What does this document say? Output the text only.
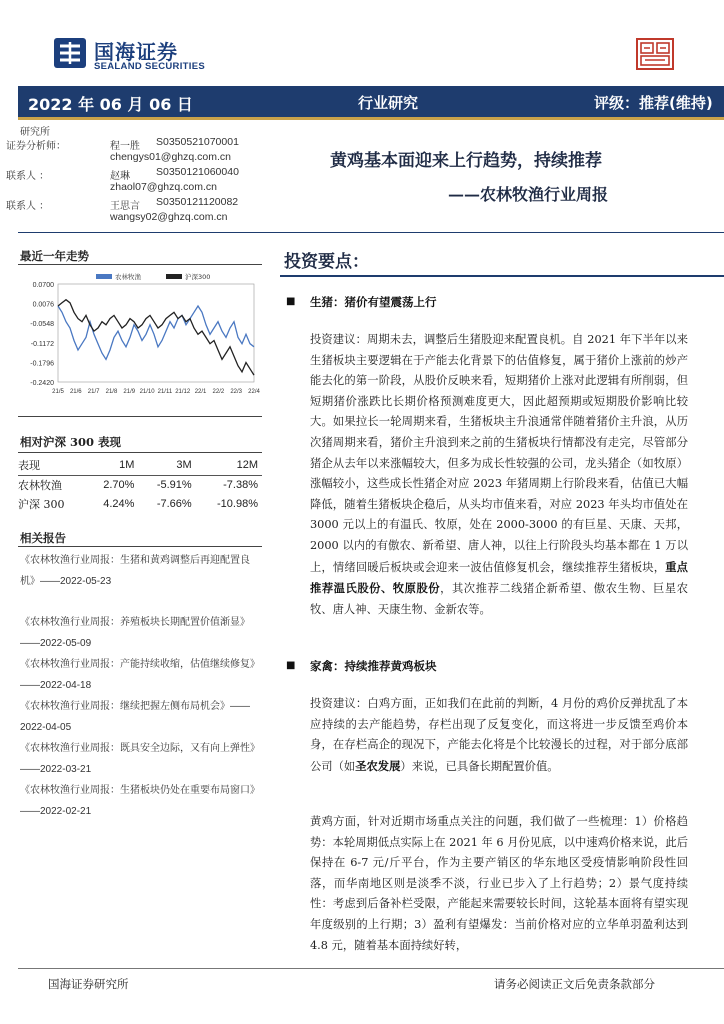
国海证券
SEALAND SECURITIES
2022 年 06 月 06 日	行业研究	评级：推荐(维持)
研究所
证券分析师：	程一胜 S0350521070001
chengys01@ghzq.com.cn
联系人 ：	赵琳 S0350121060040
zhaol07@ghzq.com.cn
联系人 ：	王思言 S0350121120082
wangsy02@ghzq.com.cn
黄鸡基本面迎来上行趋势，持续推荐
——农林牧渔行业周报
最近一年走势
0.0700
0.0076
-0.0548
-0.1172
-0.1796
-0.2420
21/5 21/6 21/7 21/8 21/9 21/10 21/11 21/12 22/1 22/2 22/3 22/4
农林牧渔	沪深300
相对沪深 300 表现
表现	1M	3M	12M
农林牧渔	2.70%	-5.91%	-7.38%
沪深 300	4.24%	-7.66%	-10.98%
相关报告
《农林牧渔行业周报：生猪和黄鸡调整后再迎配置良机》——2022-05-23
《农林牧渔行业周报：养殖板块长期配置价值渐显》——2022-05-09
《农林牧渔行业周报：产能持续收缩，估值继续修复》——2022-04-18
《农林牧渔行业周报：继续把握左侧布局机会》——2022-04-05
《农林牧渔行业周报：既具安全边际，又有向上弹性》——2022-03-21
《农林牧渔行业周报：生猪板块仍处在重要布局窗口》——2022-02-21
投资要点：
■ 生猪：猪价有望震荡上行
投资建议：周期未去，调整后生猪股迎来配置良机。自 2021 年下半年以来生猪板块主要逻辑在于产能去化背景下的估值修复，属于猪价上涨前的炒产能去化的第一阶段，从股价反映来看，短期猪价上涨对此逻辑有所削弱，但短期猪价涨跌比长期价格预测难度更大，因此超预期或短期股价影响比较大。如果拉长一轮周期来看，生猪板块主升浪通常伴随着猪价主升浪，从历次猪周期来看，猪价主升浪到来之前的生猪板块行情都没有走完，尽管部分猪企从去年以来涨幅较大，但多为成长性较强的公司，龙头猪企（如牧原）涨幅较小，这些成长性猪企对应 2023 年猪周期上行阶段来看，估值已大幅降低，随着生猪板块企稳后，从头均市值来看，对应 2023 年头均市值处在 3000 元以上的有温氏、牧原，处在 2000-3000 的有巨星、天康、天邦，2000 以内的有傲农、新希望、唐人神，以往上行阶段头均基本都在 1 万以上，情绪回暖后板块或会迎来一波估值修复机会，继续推荐生猪板块，重点推荐温氏股份、牧原股份，其次推荐二线猪企新希望、傲农生物、巨星农牧、唐人神、天康生物、金新农等。
■ 家禽：持续推荐黄鸡板块
投资建议：白鸡方面，正如我们在此前的判断，4 月份的鸡价反弹扰乱了本应持续的去产能趋势，存栏出现了反复变化，而这将进一步反馈至鸡价本身，在存栏高企的现况下，产能去化将是个比较漫长的过程，对于部分底部公司（如圣农发展）来说，已具备长期配置价值。
黄鸡方面，针对近期市场重点关注的问题，我们做了一些梳理：1）价格趋势：本轮周期低点实际上在 2021 年 6 月份见底，以中速鸡价格来说，此后保持在 6-7 元/斤平台，作为主要产销区的华东地区受疫情影响阶段性回落，而华南地区则是淡季不淡，行业已步入了上行趋势；2）景气度持续性：考虑到后备补栏受限，产能起来需要较长时间，这轮基本面将有望实现年度级别的上行期；3）盈利有望爆发：当前价格对应的立华单羽盈利达到 4.8 元，随着基本面持续好转，
国海证券研究所	请务必阅读正文后免责条款部分
